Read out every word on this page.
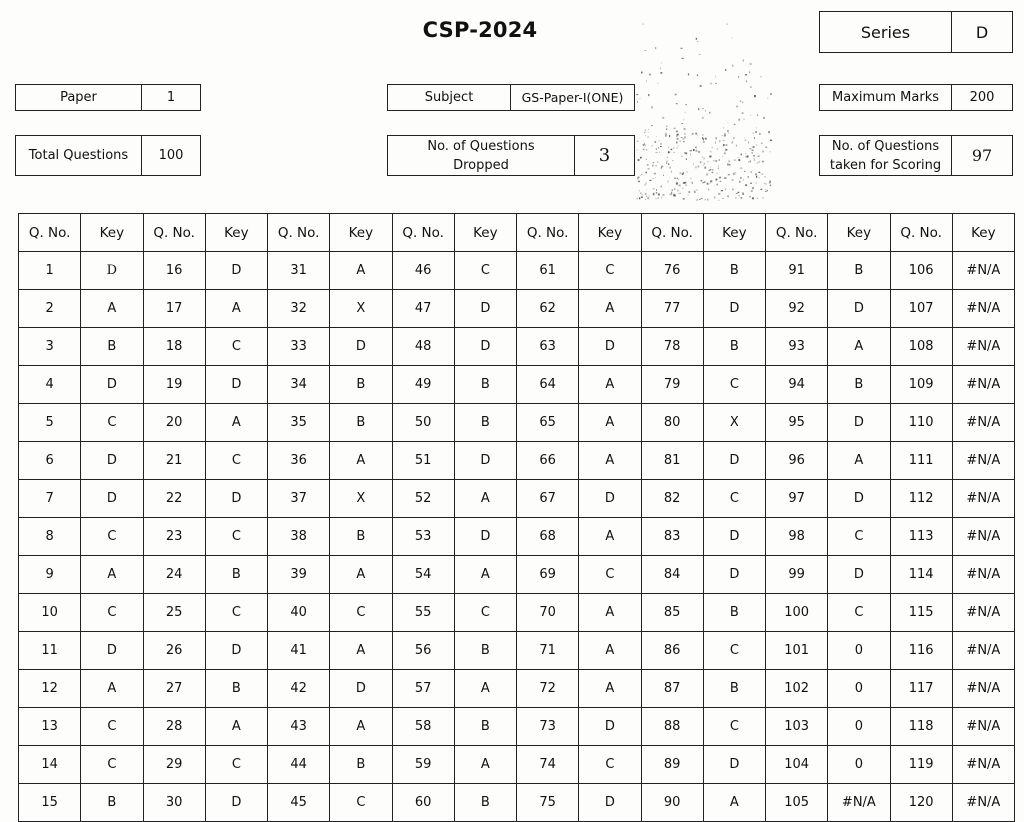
CSP-2024	Series	D
Paper	1	Subject	GS-Paper-I(ONE)	Maximum Marks	200
Total Questions	100
No. of Questions Dropped	3	No. of Questions taken for Scoring	97
Q. No.	Key	Q. No.	Key	Q. No.	Key	Q. No.	Key	Q. No.	Key	Q. No.	Key	Q. No.	Key	Q. No.	Key
1	D	16	D	31	A	46	C	61	C	76	B	91	B	106	#N/A
2	A	17	A	32	X	47	D	62	A	77	D	92	D	107	#N/A
3	B	18	C	33	D	48	D	63	D	78	B	93	A	108	#N/A
4	D	19	D	34	B	49	B	64	A	79	C	94	B	109	#N/A
5	C	20	A	35	B	50	B	65	A	80	X	95	D	110	#N/A
6	D	21	C	36	A	51	D	66	A	81	D	96	A	111	#N/A
7	D	22	D	37	X	52	A	67	D	82	C	97	D	112	#N/A
8	C	23	C	38	B	53	D	68	A	83	D	98	C	113	#N/A
9	A	24	B	39	A	54	A	69	C	84	D	99	D	114	#N/A
10	C	25	C	40	C	55	C	70	A	85	B	100	C	115	#N/A
11	D	26	D	41	A	56	B	71	A	86	C	101	0	116	#N/A
12	A	27	B	42	D	57	A	72	A	87	B	102	0	117	#N/A
13	C	28	A	43	A	58	B	73	D	88	C	103	0	118	#N/A
14	C	29	C	44	B	59	A	74	C	89	D	104	0	119	#N/A
15	B	30	D	45	C	60	B	75	D	90	A	105	#N/A	120	#N/A
